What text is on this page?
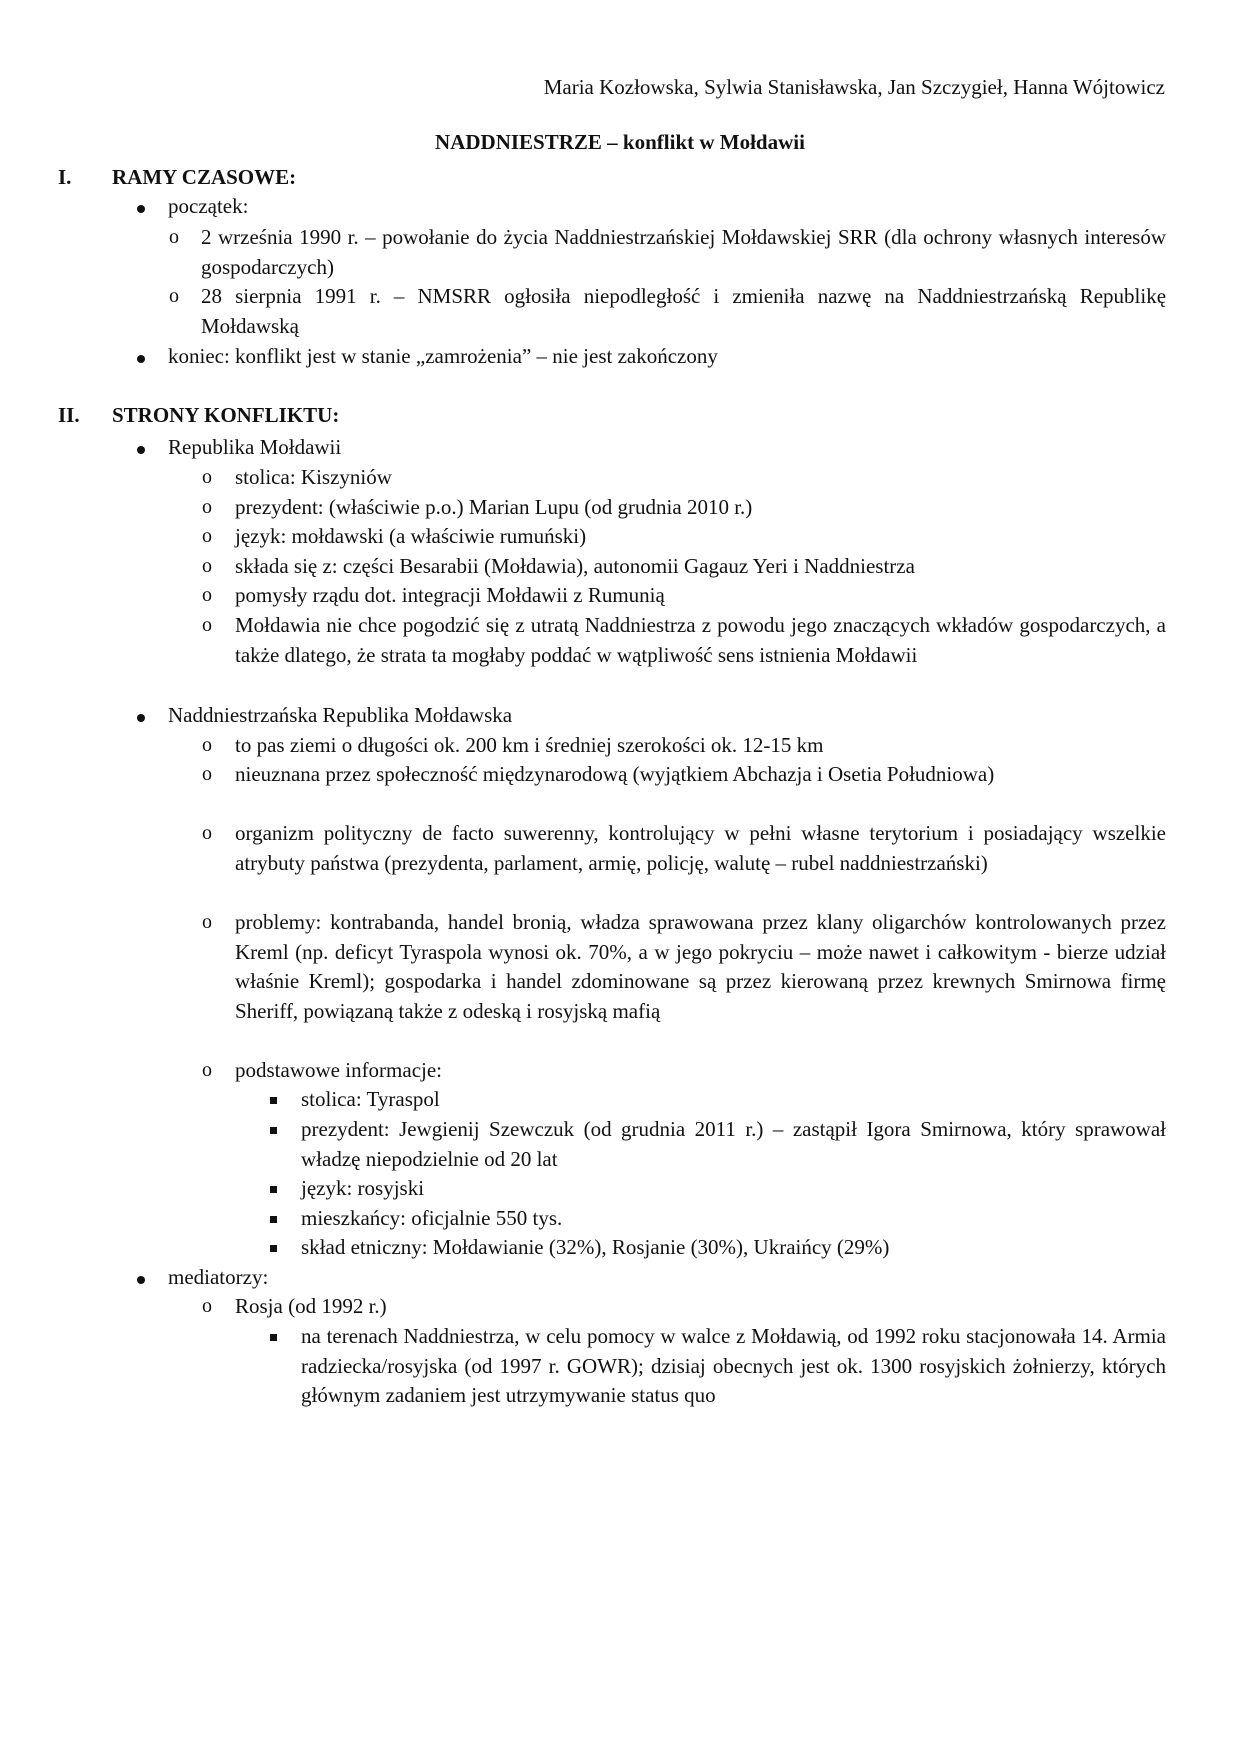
Maria Kozłowska, Sylwia Stanisławska, Jan Szczygieł, Hanna Wójtowicz
NADDNIESTRZE – konflikt w Mołdawii
I. RAMY CZASOWE:
początek:
o 2 września 1990 r. – powołanie do życia Naddniestrzańskiej Mołdawskiej SRR (dla ochrony własnych interesów gospodarczych)
o 28 sierpnia 1991 r. – NMSRR ogłosiła niepodległość i zmieniła nazwę na Naddniestrzańską Republikę Mołdawską
koniec: konflikt jest w stanie „zamrożenia” – nie jest zakończony
II. STRONY KONFLIKTU:
Republika Mołdawii
o stolica: Kiszyniów
o prezydent: (właściwie p.o.) Marian Lupu (od grudnia 2010 r.)
o język: mołdawski (a właściwie rumuński)
o składa się z: części Besarabii (Mołdawia), autonomii Gagauz Yeri i Naddniestrza
o pomysły rządu dot. integracji Mołdawii z Rumunią
o Mołdawia nie chce pogodzić się z utratą Naddniestrza z powodu jego znaczących wkładów gospodarczych, a także dlatego, że strata ta mogłaby poddać w wątpliwość sens istnienia Mołdawii
Naddniestrzańska Republika Mołdawska
o to pas ziemi o długości ok. 200 km i średniej szerokości ok. 12-15 km
o nieuznana przez społeczność międzynarodową (wyjątkiem Abchazja i Osetia Południowa)
o organizm polityczny de facto suwerenny, kontrolujący w pełni własne terytorium i posiadający wszelkie atrybuty państwa (prezydenta, parlament, armię, policję, walutę – rubel naddniestrzański)
o problemy: kontrabanda, handel bronią, władza sprawowana przez klany oligarchów kontrolowanych przez Kreml (np. deficyt Tyraspola wynosi ok. 70%, a w jego pokryciu – może nawet i całkowitym - bierze udział właśnie Kreml); gospodarka i handel zdominowane są przez kierowaną przez krewnych Smirnowa firmę Sheriff, powiązaną także z odeską i rosyjską mafią
o podstawowe informacje:
stolica: Tyraspol
prezydent: Jewgienij Szewczuk (od grudnia 2011 r.) – zastąpił Igora Smirnowa, który sprawował władzę niepodzielnie od 20 lat
język: rosyjski
mieszkańcy: oficjalnie 550 tys.
skład etniczny: Mołdawianie (32%), Rosjanie (30%), Ukraińcy (29%)
mediatorzy:
o Rosja (od 1992 r.)
na terenach Naddniestrza, w celu pomocy w walce z Mołdawią, od 1992 roku stacjonowała 14. Armia radziecka/rosyjska (od 1997 r. GOWR); dzisiaj obecnych jest ok. 1300 rosyjskich żołnierzy, których głównym zadaniem jest utrzymywanie status quo
